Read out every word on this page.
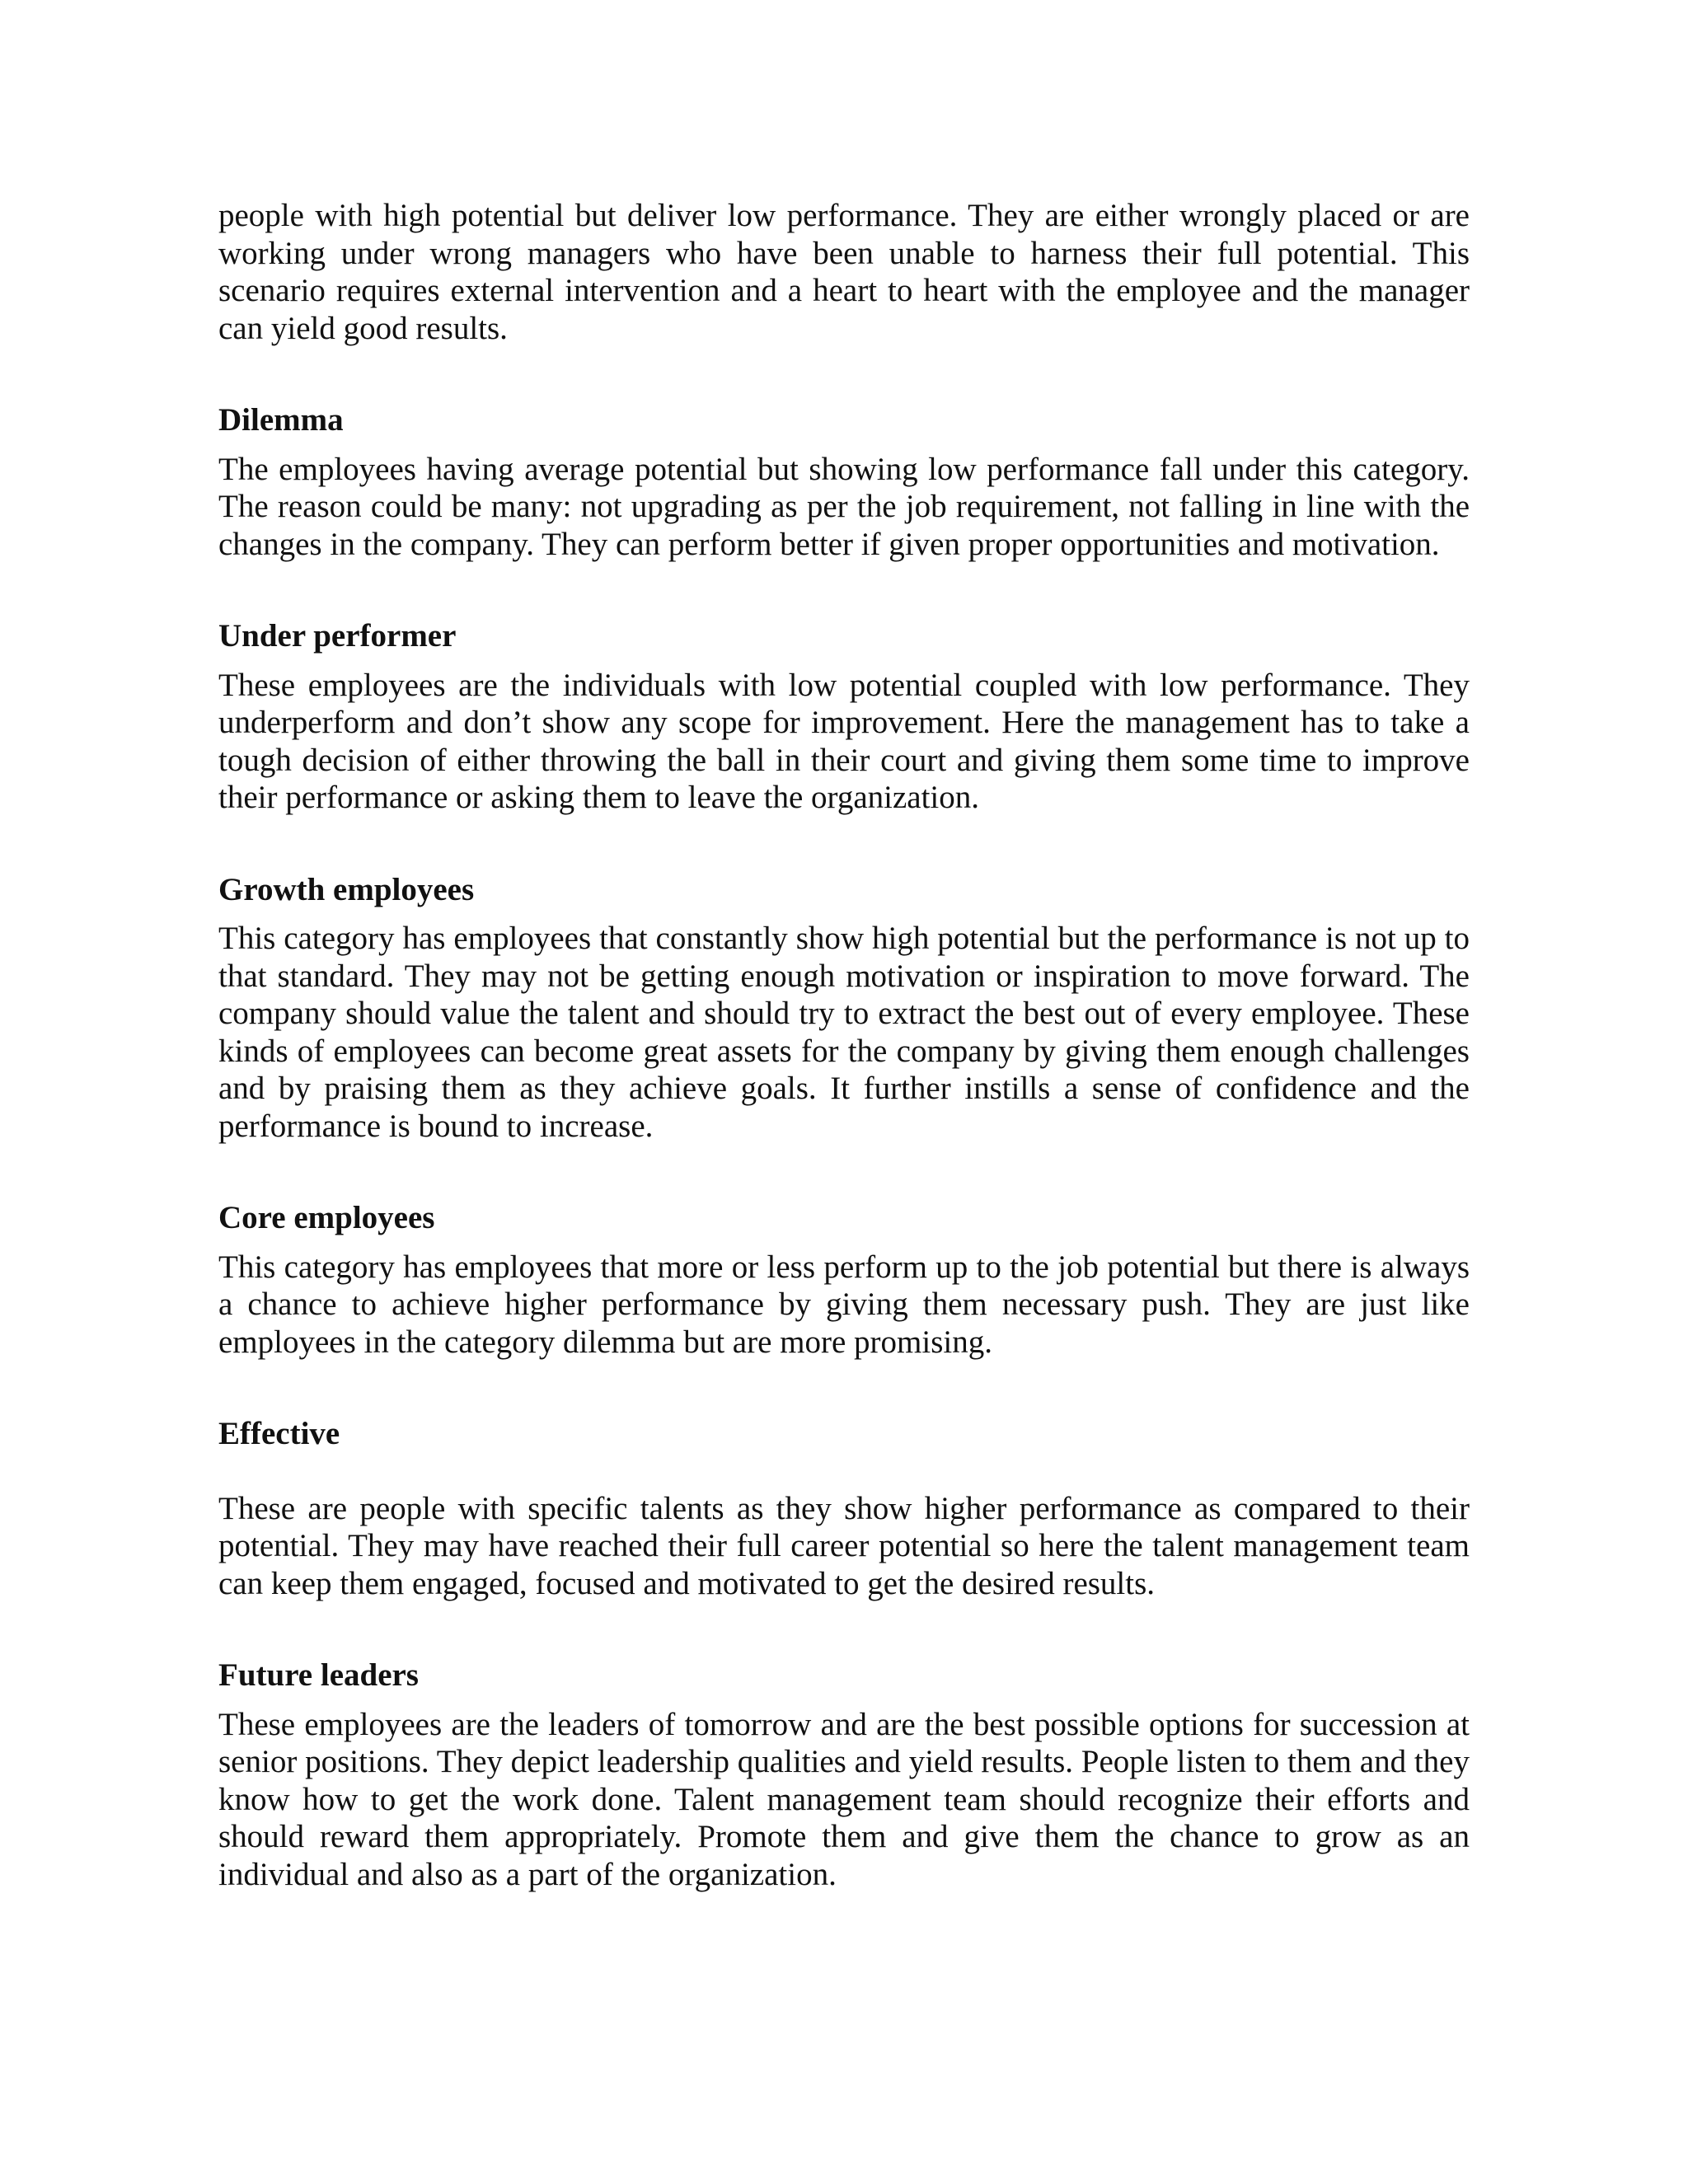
people with high potential but deliver low performance. They are either wrongly placed or are working under wrong managers who have been unable to harness their full potential. This scenario requires external intervention and a heart to heart with the employee and the manager can yield good results.

Dilemma

The employees having average potential but showing low performance fall under this category. The reason could be many: not upgrading as per the job requirement, not falling in line with the changes in the company. They can perform better if given proper opportunities and motivation.

Under performer

These employees are the individuals with low potential coupled with low performance. They underperform and don’t show any scope for improvement. Here the management has to take a tough decision of either throwing the ball in their court and giving them some time to improve their performance or asking them to leave the organization.

Growth employees

This category has employees that constantly show high potential but the performance is not up to that standard. They may not be getting enough motivation or inspiration to move forward. The company should value the talent and should try to extract the best out of every employee. These kinds of employees can become great assets for the company by giving them enough challenges and by praising them as they achieve goals. It further instills a sense of confidence and the performance is bound to increase.

Core employees

This category has employees that more or less perform up to the job potential but there is always a chance to achieve higher performance by giving them necessary push. They are just like employees in the category dilemma but are more promising.

Effective

These are people with specific talents as they show higher performance as compared to their potential. They may have reached their full career potential so here the talent management team can keep them engaged, focused and motivated to get the desired results.

Future leaders

These employees are the leaders of tomorrow and are the best possible options for succession at senior positions. They depict leadership qualities and yield results. People listen to them and they know how to get the work done. Talent management team should recognize their efforts and should reward them appropriately. Promote them and give them the chance to grow as an individual and also as a part of the organization.
